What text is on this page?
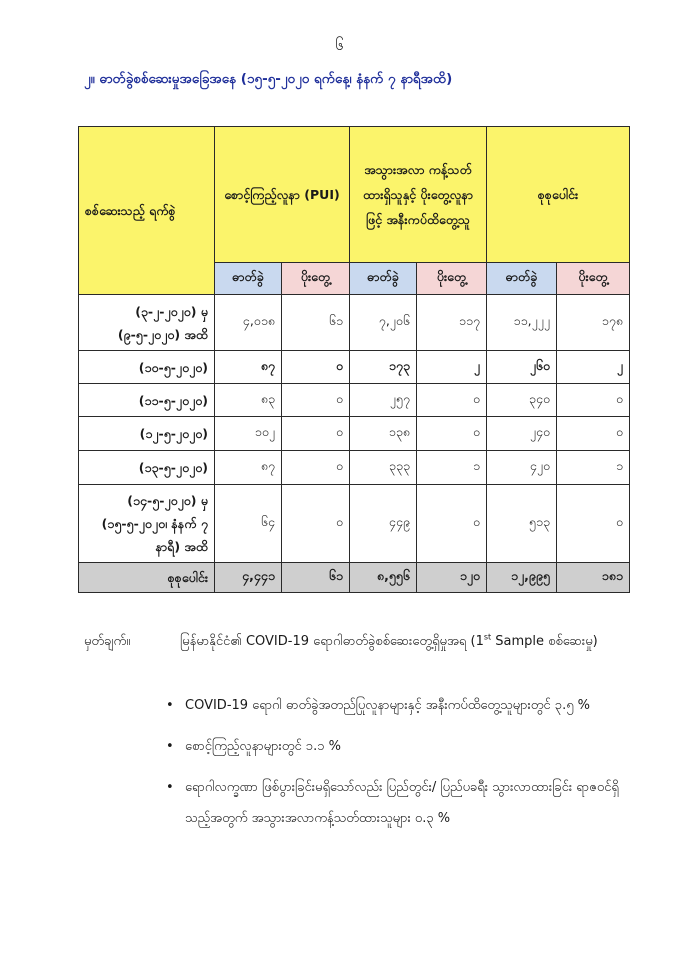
၆
၂။ ဓာတ်ခွဲစစ်ဆေးမှုအခြေအနေ (၁၅-၅-၂၀၂၀ ရက်နေ့၊ နံနက် ၇ နာရီအထိ)
စစ်ဆေးသည့် ရက်စွဲ	စောင့်ကြည့်လူနာ (PUI)		အသွားအလာ ကန့်သတ်ထားရှိသူနှင့် ပိုးတွေ့လူနာဖြင့် အနီးကပ်ထိတွေ့သူ		စုစုပေါင်း	
	ဓာတ်ခွဲ	ပိုးတွေ့	ဓာတ်ခွဲ	ပိုးတွေ့	ဓာတ်ခွဲ	ပိုးတွေ့
(၃-၂-၂၀၂၀) မှ (၉-၅-၂၀၂၀) အထိ	၄,၀၁၈	၆၁	၇,၂၀၆	၁၁၇	၁၁,၂၂၂	၁၇၈
(၁၀-၅-၂၀၂၀)	၈၇	၀	၁၇၃	၂	၂၆၀	၂
(၁၁-၅-၂၀၂၀)	၈၃	၀	၂၅၇	၀	၃၄၀	၀
(၁၂-၅-၂၀၂၀)	၁၀၂	၀	၁၃၈	၀	၂၄၀	၀
(၁၃-၅-၂၀၂၀)	၈၇	၀	၃၃၃	၁	၄၂၀	၁
(၁၄-၅-၂၀၂၀) မှ (၁၅-၅-၂၀၂၀၊ နံနက် ၇ နာရီ) အထိ	၆၄	၀	၄၄၉	၀	၅၁၃	၀
စုစုပေါင်း	၄,၄၄၁	၆၁	၈,၅၅၆	၁၂၀	၁၂,၉၉၅	၁၈၁
မှတ်ချက်။	မြန်မာနိုင်ငံ၏ COVID-19 ရောဂါဓာတ်ခွဲစစ်ဆေးတွေ့ရှိမှုအရ (1st Sample စစ်ဆေးမှု)
• COVID-19 ရောဂါ ဓာတ်ခွဲအတည်ပြုလူနာများနှင့် အနီးကပ်ထိတွေ့သူများတွင် ၃.၅ %
• စောင့်ကြည့်လူနာများတွင် ၁.၁ %
• ရောဂါလက္ခဏာ ဖြစ်ပွားခြင်းမရှိသော်လည်း ပြည်တွင်း/ ပြည်ပခရီး သွားလာထားခြင်း ရာဇဝင်ရှိသည့်အတွက် အသွားအလာကန့်သတ်ထားသူများ ၀.၃ %
